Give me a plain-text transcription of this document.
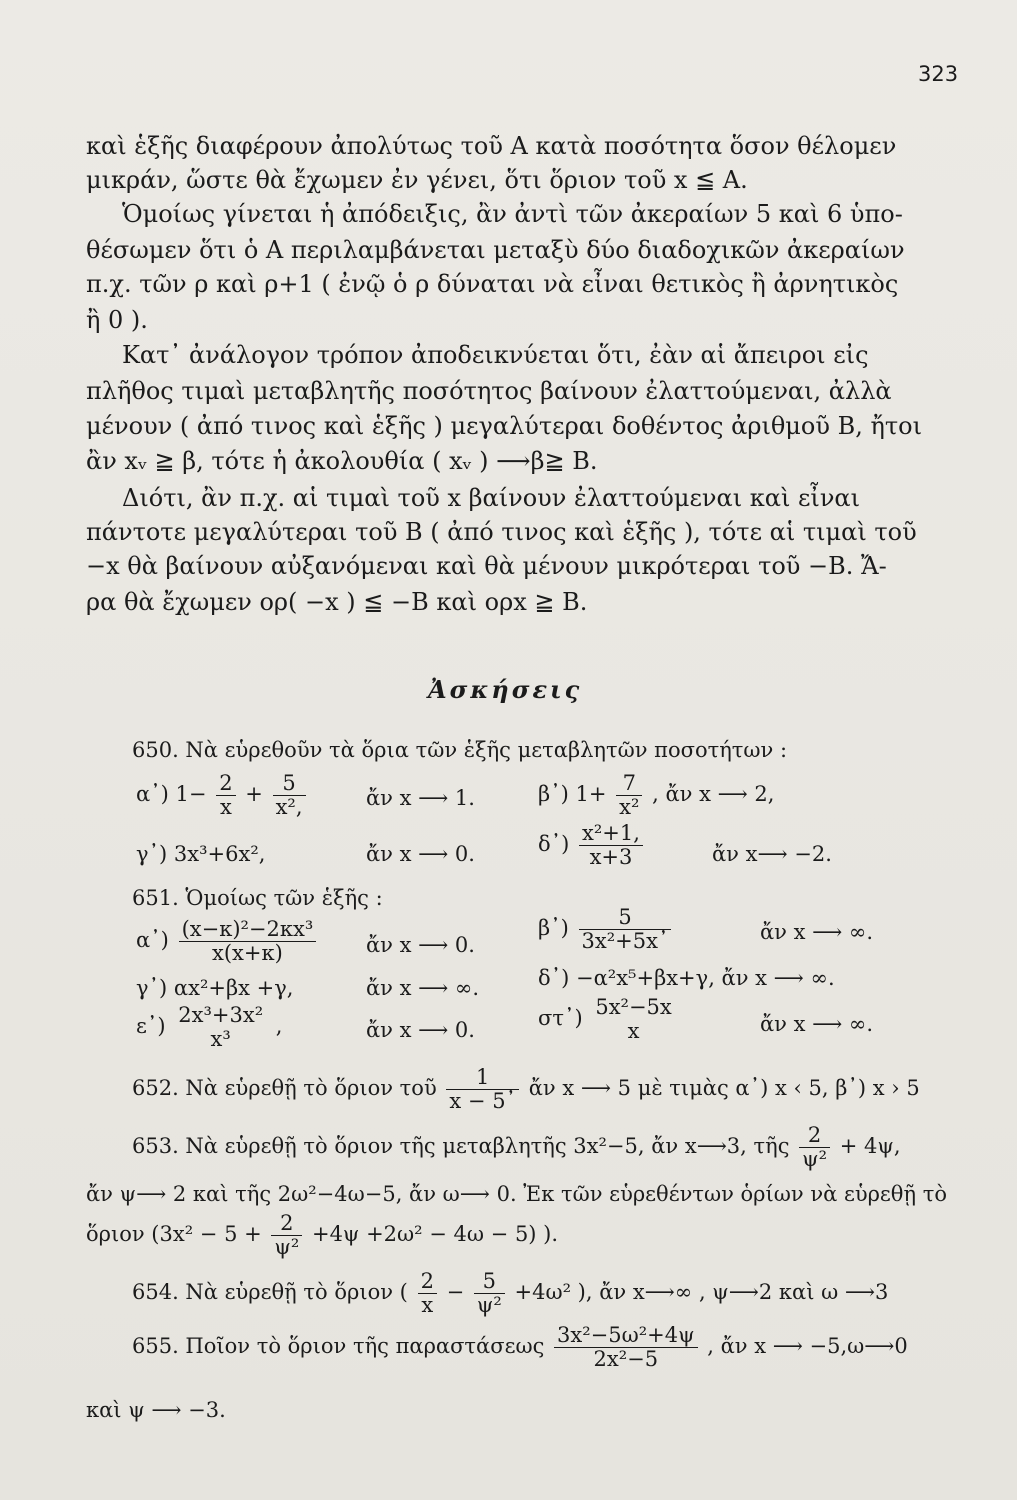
323
καὶ ἑξῆς διαφέρουν ἀπολύτως τοῦ Α κατὰ ποσότητα ὅσον θέλομεν
μικράν, ὥστε θὰ ἔχωμεν ἐν γένει, ὅτι ὅριον τοῦ x ≦ Α.
Ὁμοίως γίνεται ἡ ἀπόδειξις, ἂν ἀντὶ τῶν ἀκεραίων 5 καὶ 6 ὑπο-
θέσωμεν ὅτι ὁ Α περιλαμβάνεται μεταξὺ δύο διαδοχικῶν ἀκεραίων
π.χ. τῶν ρ καὶ ρ+1 ( ἐνῷ ὁ ρ δύναται νὰ εἶναι θετικὸς ἢ ἀρνητικὸς
ἢ 0 ).
Κατ᾽ ἀνάλογον τρόπον ἀποδεικνύεται ὅτι, ἐὰν αἱ ἄπειροι εἰς
πλῆθος τιμαὶ μεταβλητῆς ποσότητος βαίνουν ἐλαττούμεναι, ἀλλὰ
μένουν ( ἀπό τινος καὶ ἑξῆς ) μεγαλύτεραι δοθέντος ἀριθμοῦ Β, ἤτοι
ἂν xᵥ ≧ β, τότε ἡ ἀκολουθία ( xᵥ ) ⟶β≧ Β.
Διότι, ἂν π.χ. αἱ τιμαὶ τοῦ x βαίνουν ἐλαττούμεναι καὶ εἶναι
πάντοτε μεγαλύτεραι τοῦ Β ( ἀπό τινος καὶ ἑξῆς ), τότε αἱ τιμαὶ τοῦ
−x θὰ βαίνουν αὐξανόμεναι καὶ θὰ μένουν μικρότεραι τοῦ −Β. Ἄ-
ρα θὰ ἔχωμεν ορ( −x ) ≦ −Β καὶ ορx ≧ Β.
Ἀσκήσεις
650. Νὰ εὑρεθοῦν τὰ ὅρια τῶν ἑξῆς μεταβλητῶν ποσοτήτων :
α᾽) $1- \frac{2}{x} + \frac{5}{\text{x²,}}$	ἄν x ⟶ 1.	β᾽) $1+ \frac{7}{\text{x²}}$ , ἄν x ⟶ 2,
γ᾽) 3x³+6x²,	ἄν x ⟶ 0.	δ᾽) $\frac{\text{x²+1,}}{x+3}$	ἄν x⟶ −2.
651. Ὁμοίως τῶν ἑξῆς :
α᾽) $\frac{\text{(x−κ)²−2κx³}}{x(x+\kappa)}$ ἄν x ⟶ 0.
β᾽) $\frac{5}{\text{3x²+5x᾽}}$	ἄν x ⟶ ∞.
γ᾽) αx²+βx +γ,	ἄν x ⟶ ∞.	δ᾽) −α²x⁵+βx+γ, ἄν x ⟶ ∞.
ε᾽) 2x³+3x²
x³
,	ἄν x ⟶ 0.	στ᾽) 5x²−5x
x	ἄν x ⟶ ∞.
652. Νὰ εὑρεθῇ τὸ ὅριον τοῦ $\frac{1}{x - 5᾽}$ ἄν x ⟶ 5 μὲ τιμὰς α᾽) x ‹ 5, β᾽) x › 5
653. Νὰ εὑρεθῇ τὸ ὅριον τῆς μεταβλητῆς 3x²−5, ἄν x⟶3, τῆς $\frac{2}{\text{ψ²}} + 4\psi$,
ἄν ψ⟶ 2 καὶ τῆς 2ω²−4ω−5, ἄν ω⟶ 0. Ἐκ τῶν εὑρεθέντων ὁρίων νὰ εὑρεθῇ τὸ
ὅριον $(3x^2 - 5 + \frac{2}{\text{ψ²}} +4\psi +2\omega^2 - 4\omega - 5)$ ).
654. Νὰ εὑρεθῇ τὸ ὅριον ( $\frac{2}{x} - \frac{5}{\text{ψ²}} +4\omega^2$ ), ἄν x⟶∞ , ψ⟶2 καὶ ω ⟶3
655. Ποῖον τὸ ὅριον τῆς παραστάσεως $\frac{\text{3x²−5ω²+4ψ}}{\text{2x²−5}}$ , ἄν x ⟶ −5,ω⟶0
καὶ ψ ⟶ −3.
